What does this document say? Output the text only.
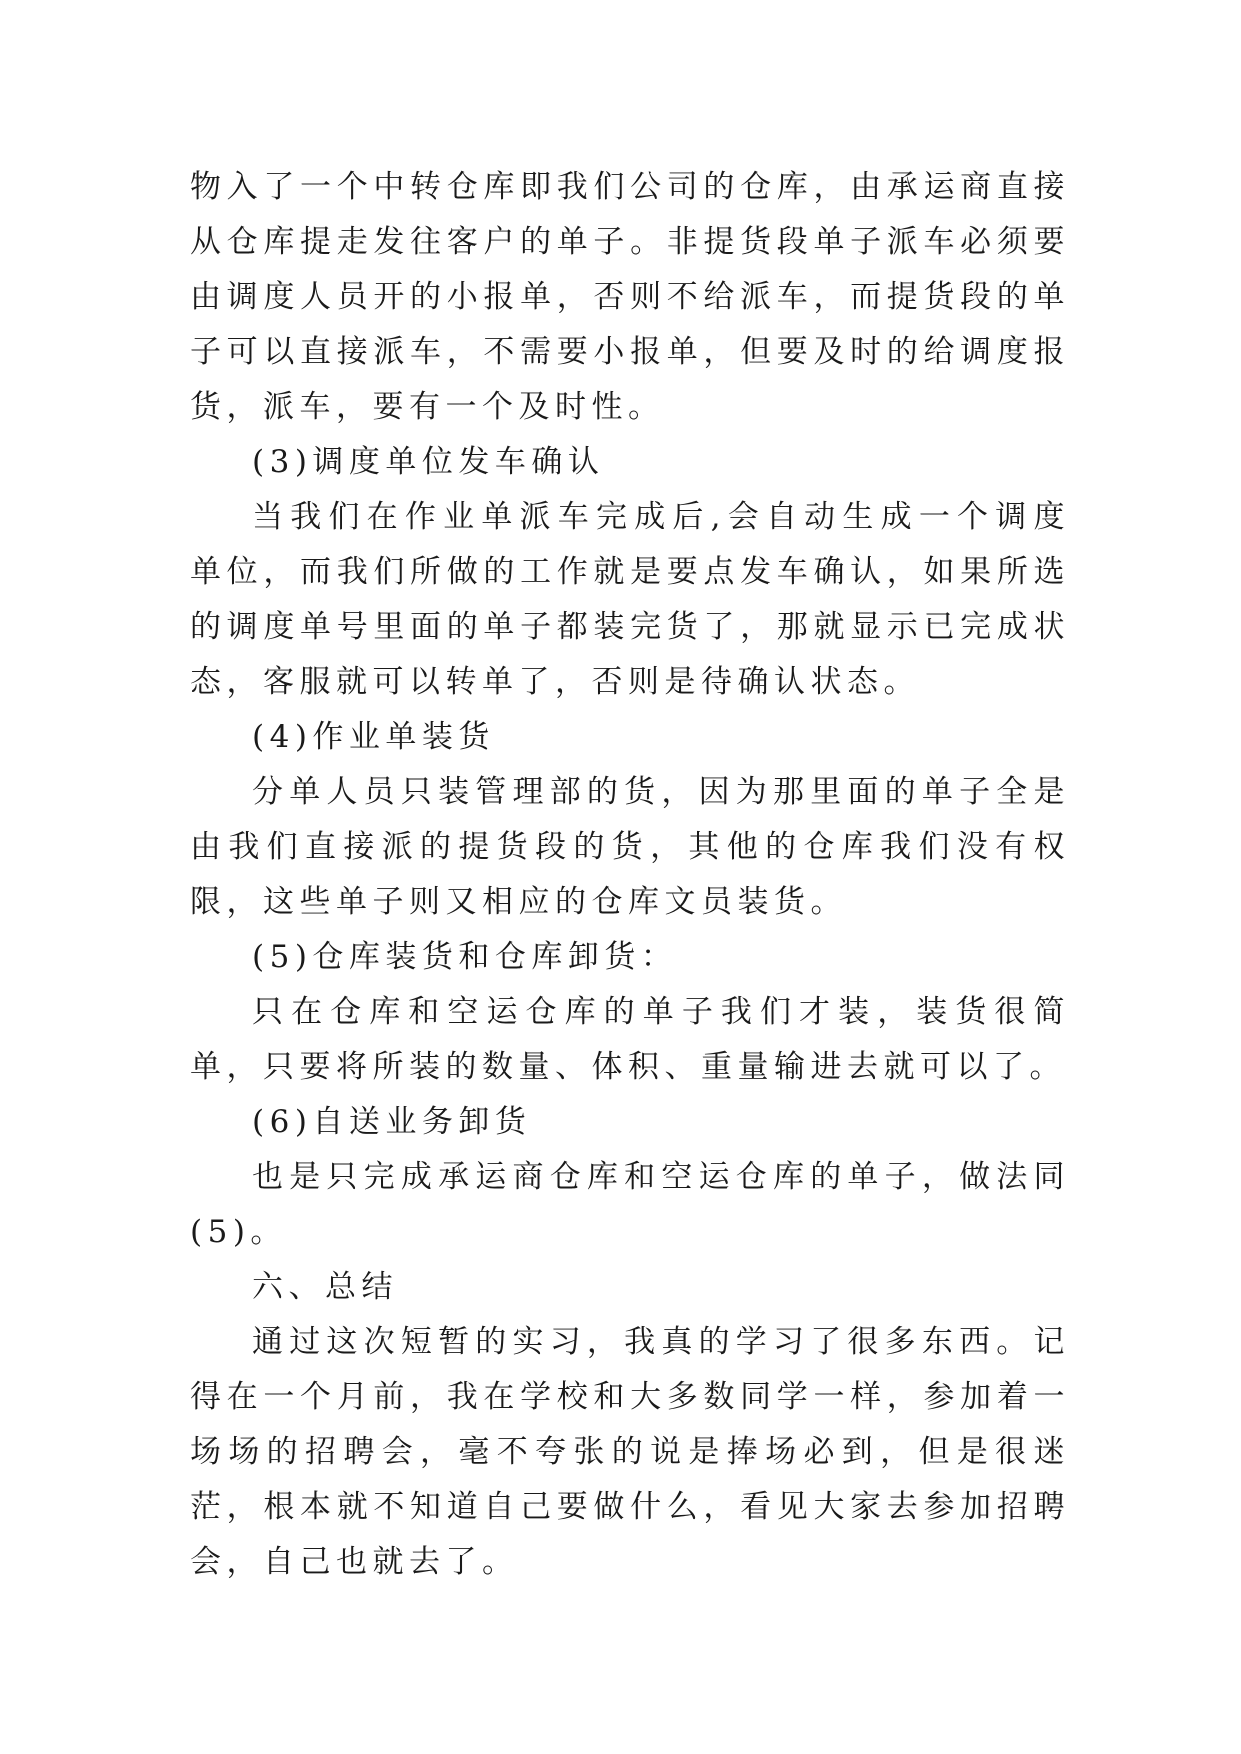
物入了一个中转仓库即我们公司的仓库，由承运商直接从仓库提走发往客户的单子。非提货段单子派车必须要由调度人员开的小报单，否则不给派车，而提货段的单子可以直接派车，不需要小报单，但要及时的给调度报货，派车，要有一个及时性。

(3)调度单位发车确认

当我们在作业单派车完成后,会自动生成一个调度单位，而我们所做的工作就是要点发车确认，如果所选的调度单号里面的单子都装完货了，那就显示已完成状态，客服就可以转单了，否则是待确认状态。

(4)作业单装货

分单人员只装管理部的货，因为那里面的单子全是由我们直接派的提货段的货，其他的仓库我们没有权限，这些单子则又相应的仓库文员装货。

(5)仓库装货和仓库卸货：

只在仓库和空运仓库的单子我们才装，装货很简单，只要将所装的数量、体积、重量输进去就可以了。

(6)自送业务卸货

也是只完成承运商仓库和空运仓库的单子，做法同(5)。

六、总结

通过这次短暂的实习，我真的学习了很多东西。记得在一个月前，我在学校和大多数同学一样，参加着一场场的招聘会，毫不夸张的说是捧场必到，但是很迷茫，根本就不知道自己要做什么，看见大家去参加招聘会，自己也就去了。
